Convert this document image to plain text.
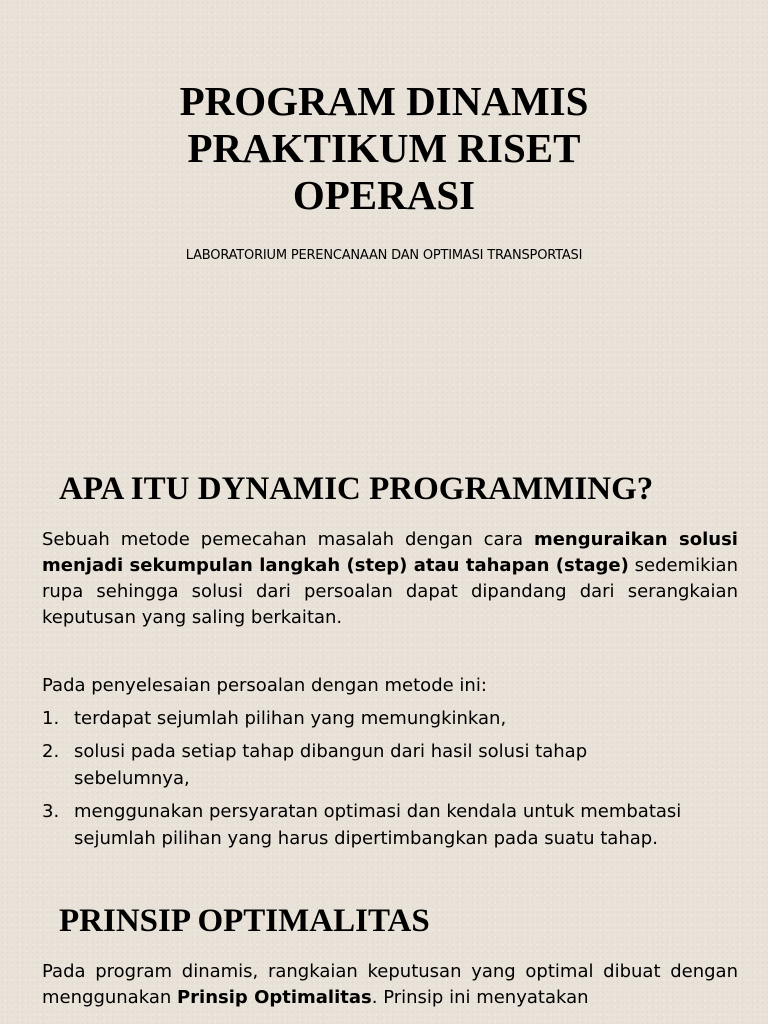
PROGRAM DINAMIS
PRAKTIKUM RISET
OPERASI
LABORATORIUM PERENCANAAN DAN OPTIMASI TRANSPORTASI
APA ITU DYNAMIC PROGRAMMING?

Sebuah metode pemecahan masalah dengan cara menguraikan solusi menjadi sekumpulan langkah (step) atau tahapan (stage) sedemikian rupa sehingga solusi dari persoalan dapat dipandang dari serangkaian keputusan yang saling berkaitan.

Pada penyelesaian persoalan dengan metode ini:

1. terdapat sejumlah pilihan yang memungkinkan,
2. solusi pada setiap tahap dibangun dari hasil solusi tahap sebelumnya,
3. menggunakan persyaratan optimasi dan kendala untuk membatasi sejumlah pilihan yang harus dipertimbangkan pada suatu tahap.
PRINSIP OPTIMALITAS

Pada program dinamis, rangkaian keputusan yang optimal dibuat dengan menggunakan Prinsip Optimalitas. Prinsip ini menyatakan
